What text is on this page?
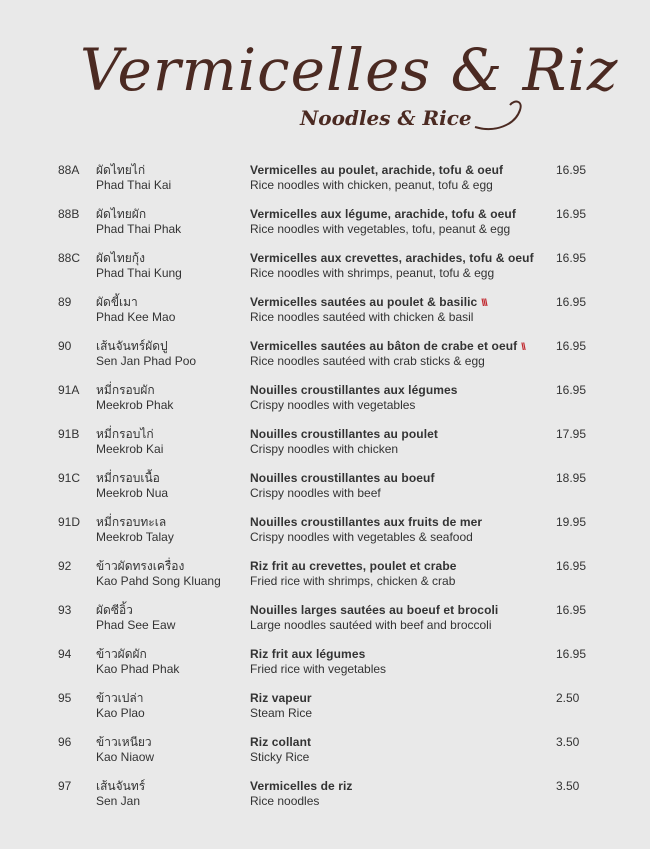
Vermicelles & Riz
Noodles & Rice
88A ผัดไทยไก่
Phad Thai Kai
Vermicelles au poulet, arachide, tofu & oeuf
Rice noodles with chicken, peanut, tofu & egg
16.95
88B ผัดไทยผัก
Phad Thai Phak
Vermicelles aux légume, arachide, tofu & oeuf
Rice noodles with vegetables, tofu, peanut & egg
16.95
88C ผัดไทยกุ้ง
Phad Thai Kung
Vermicelles aux crevettes, arachides, tofu & oeuf
Rice noodles with shrimps, peanut, tofu & egg
16.95
89 ผัดขี้เมา
Phad Kee Mao
Vermicelles sautées au poulet & basilic \\\
Rice noodles sautéed with chicken & basil
16.95
90 เส้นจันทร์ผัดปู
Sen Jan Phad Poo
Vermicelles sautées au bâton de crabe et oeuf \\
Rice noodles sautéed with crab sticks & egg
16.95
91A หมี่กรอบผัก
Meekrob Phak
Nouilles croustillantes aux légumes
Crispy noodles with vegetables
16.95
91B หมี่กรอบไก่
Meekrob Kai
Nouilles croustillantes au poulet
Crispy noodles with chicken
17.95
91C หมี่กรอบเนื้อ
Meekrob Nua
Nouilles croustillantes au boeuf
Crispy noodles with beef
18.95
91D หมี่กรอบทะเล
Meekrob Talay
Nouilles croustillantes aux fruits de mer
Crispy noodles with vegetables & seafood
19.95
92 ข้าวผัดทรงเครื่อง
Kao Pahd Song Kluang
Riz frit au crevettes, poulet et crabe
Fried rice with shrimps, chicken & crab
16.95
93 ผัดซีอิ้ว
Phad See Eaw
Nouilles larges sautées au boeuf et brocoli
Large noodles sautéed with beef and broccoli
16.95
94 ข้าวผัดผัก
Kao Phad Phak
Riz frit aux légumes
Fried rice with vegetables
16.95
95 ข้าวเปล่า
Kao Plao
Riz vapeur
Steam Rice
2.50
96 ข้าวเหนียว
Kao Niaow
Riz collant
Sticky Rice
3.50
97 เส้นจันทร์
Sen Jan
Vermicelles de riz
Rice noodles
3.50
